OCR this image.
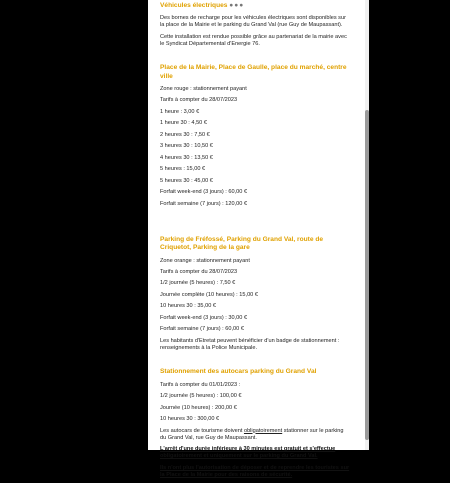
Véhicules électriques ●●●

Des bornes de recharge pour les véhicules électriques sont disponibles sur la place de la Mairie et le parking du Grand Val (rue Guy de Maupassant).

Cette installation est rendue possible grâce au partenariat de la mairie avec le Syndicat Départemental d'Energie 76.

Place de la Mairie, Place de Gaulle, place du marché, centre ville

Zone rouge : stationnement payant

Tarifs à compter du 28/07/2023

1 heure : 3,00 €

1 heure 30 : 4,50 €

2 heures 30 : 7,50 €

3 heures 30 : 10,50 €

4 heures 30 : 13,50 €

5 heures : 15,00 €

5 heures 30 : 45,00 €

Forfait week-end (3 jours) : 60,00 €

Forfait semaine (7 jours) : 120,00 €

Parking de Fréfossé, Parking du Grand Val, route de Criquetot, Parking de la gare

Zone orange : stationnement payant

Tarifs à compter du 28/07/2023

1/2 journée (5 heures) : 7,50 €

Journée complète (10 heures) : 15,00 €

10 heures 30 : 35,00 €

Forfait week-end (3 jours) : 30,00 €

Forfait semaine (7 jours) : 60,00 €

Les habitants d'Etretat peuvent bénéficier d'un badge de stationnement : renseignements à la Police Municipale.

Stationnement des autocars parking du Grand Val

Tarifs à compter du 01/01/2023 :

1/2 journée (5 heures) : 100,00 €

Journée (10 heures) : 200,00 €

10 heures 30 : 300,00 €

Les autocars de tourisme doivent obligatoirement stationner sur le parking du Grand Val, rue Guy de Maupassant.

L'arrêt d'une durée inférieure à 30 minutes est gratuit et s'effectue obligatoirement et uniquement sur le parking du Grand Val.

Ils n'ont plus l'autorisation de déposer et de reprendre les touristes sur la Place de la Mairie pour des raisons de sécurité.
